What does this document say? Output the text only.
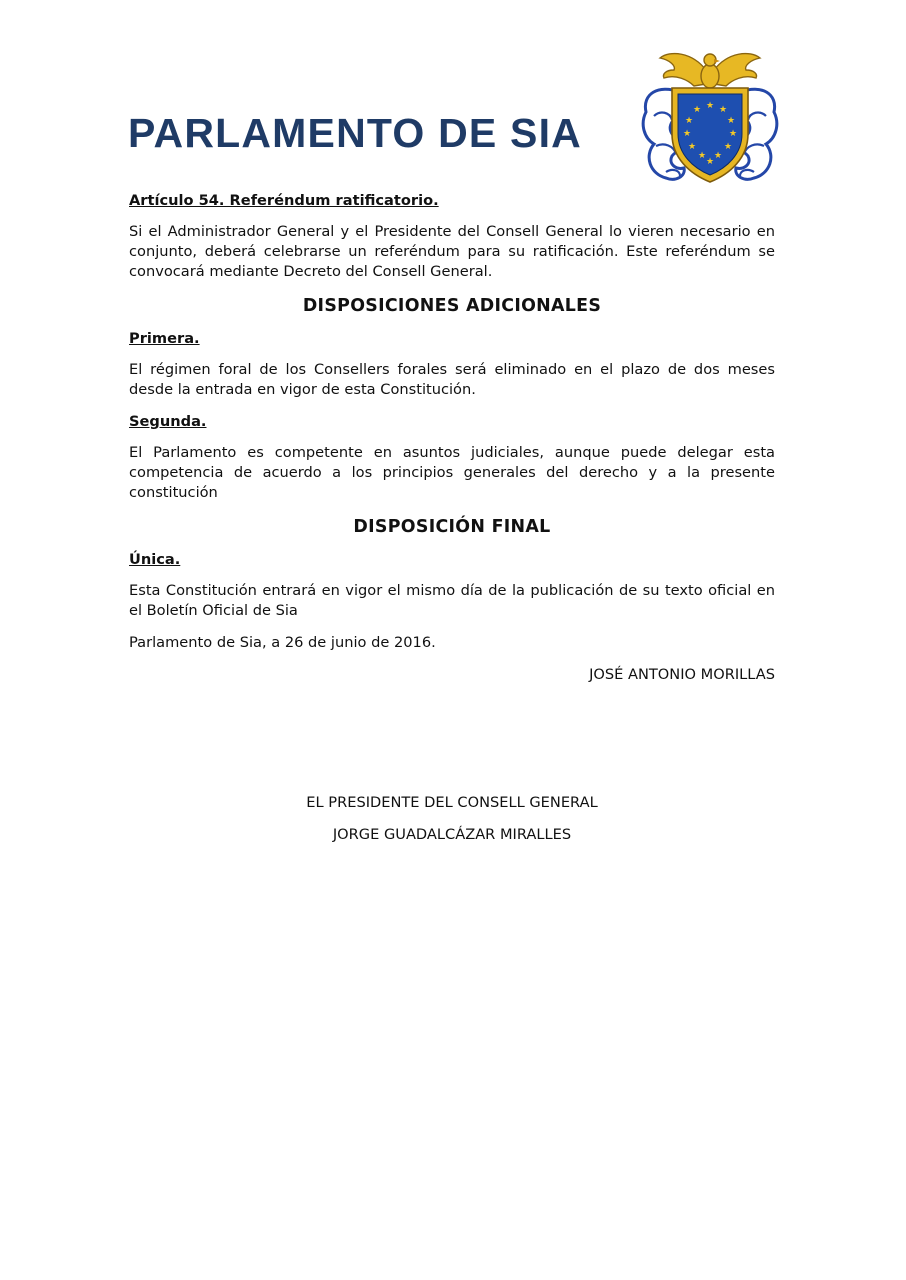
PARLAMENTO DE SIA
★ ★
★
★
★
★
★
★
★
★
★
★

Artículo 54. Referéndum ratificatorio.

Si el Administrador General y el Presidente del Consell General lo vieren necesario en conjunto, deberá celebrarse un referéndum para su ratificación. Este referéndum se convocará mediante Decreto del Consell General.

DISPOSICIONES ADICIONALES

Primera.

El régimen foral de los Consellers forales será eliminado en el plazo de dos meses desde la entrada en vigor de esta Constitución.

Segunda.

El Parlamento es competente en asuntos judiciales, aunque puede delegar esta competencia de acuerdo a los principios generales del derecho y a la presente constitución

DISPOSICIÓN FINAL

Única.

Esta Constitución entrará en vigor el mismo día de la publicación de su texto oficial en el Boletín Oficial de Sia

Parlamento de Sia, a 26 de junio de 2016.

JOSÉ ANTONIO MORILLAS

EL PRESIDENTE DEL CONSELL GENERAL

JORGE GUADALCÁZAR MIRALLES
